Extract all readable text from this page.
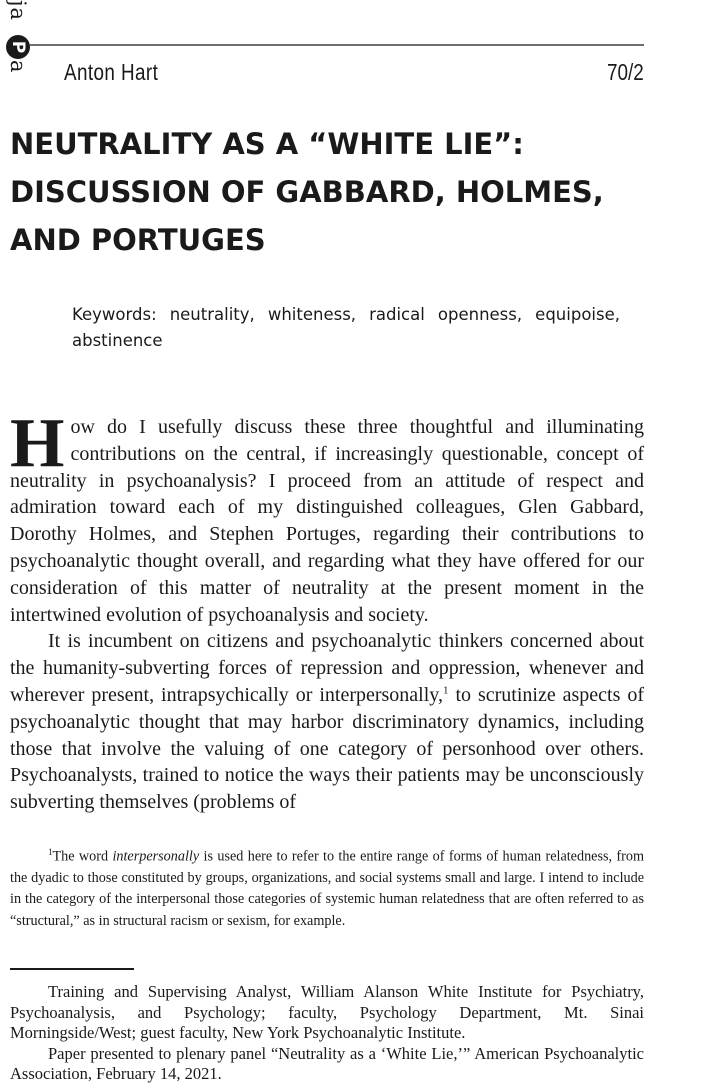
ja
P
a Anton Hart	70/2
NEUTRALITY AS A “WHITE LIE”:
DISCUSSION OF GABBARD, HOLMES,
AND PORTUGES

Keywords: neutrality, whiteness, radical openness, equipoise, abstinence

How do I usefully discuss these three thoughtful and illuminating contributions on the central, if increasingly questionable, concept of neutrality in psychoanalysis? I proceed from an attitude of respect and admiration toward each of my distinguished colleagues, Glen Gabbard, Dorothy Holmes, and Stephen Portuges, regarding their contributions to psychoanalytic thought overall, and regarding what they have offered for our consideration of this matter of neutrality at the present moment in the intertwined evolution of psychoanalysis and society.

It is incumbent on citizens and psychoanalytic thinkers concerned about the humanity-subverting forces of repression and oppression, whenever and wherever present, intrapsychically or interpersonally,$^1$ to scrutinize aspects of psychoanalytic thought that may harbor discriminatory dynamics, including those that involve the valuing of one category of personhood over others. Psychoanalysts, trained to notice the ways their patients may be unconsciously subverting themselves (problems of

$^1$The word interpersonally is used here to refer to the entire range of forms of human relatedness, from the dyadic to those constituted by groups, organizations, and social systems small and large. I intend to include in the category of the interpersonal those categories of systemic human relatedness that are often referred to as “structural,” as in structural racism or sexism, for example.

Training and Supervising Analyst, William Alanson White Institute for Psychiatry, Psychoanalysis, and Psychology; faculty, Psychology Department, Mt. Sinai Morningside/West; guest faculty, New York Psychoanalytic Institute.

Paper presented to plenary panel “Neutrality as a ‘White Lie,’” American Psychoanalytic Association, February 14, 2021.
